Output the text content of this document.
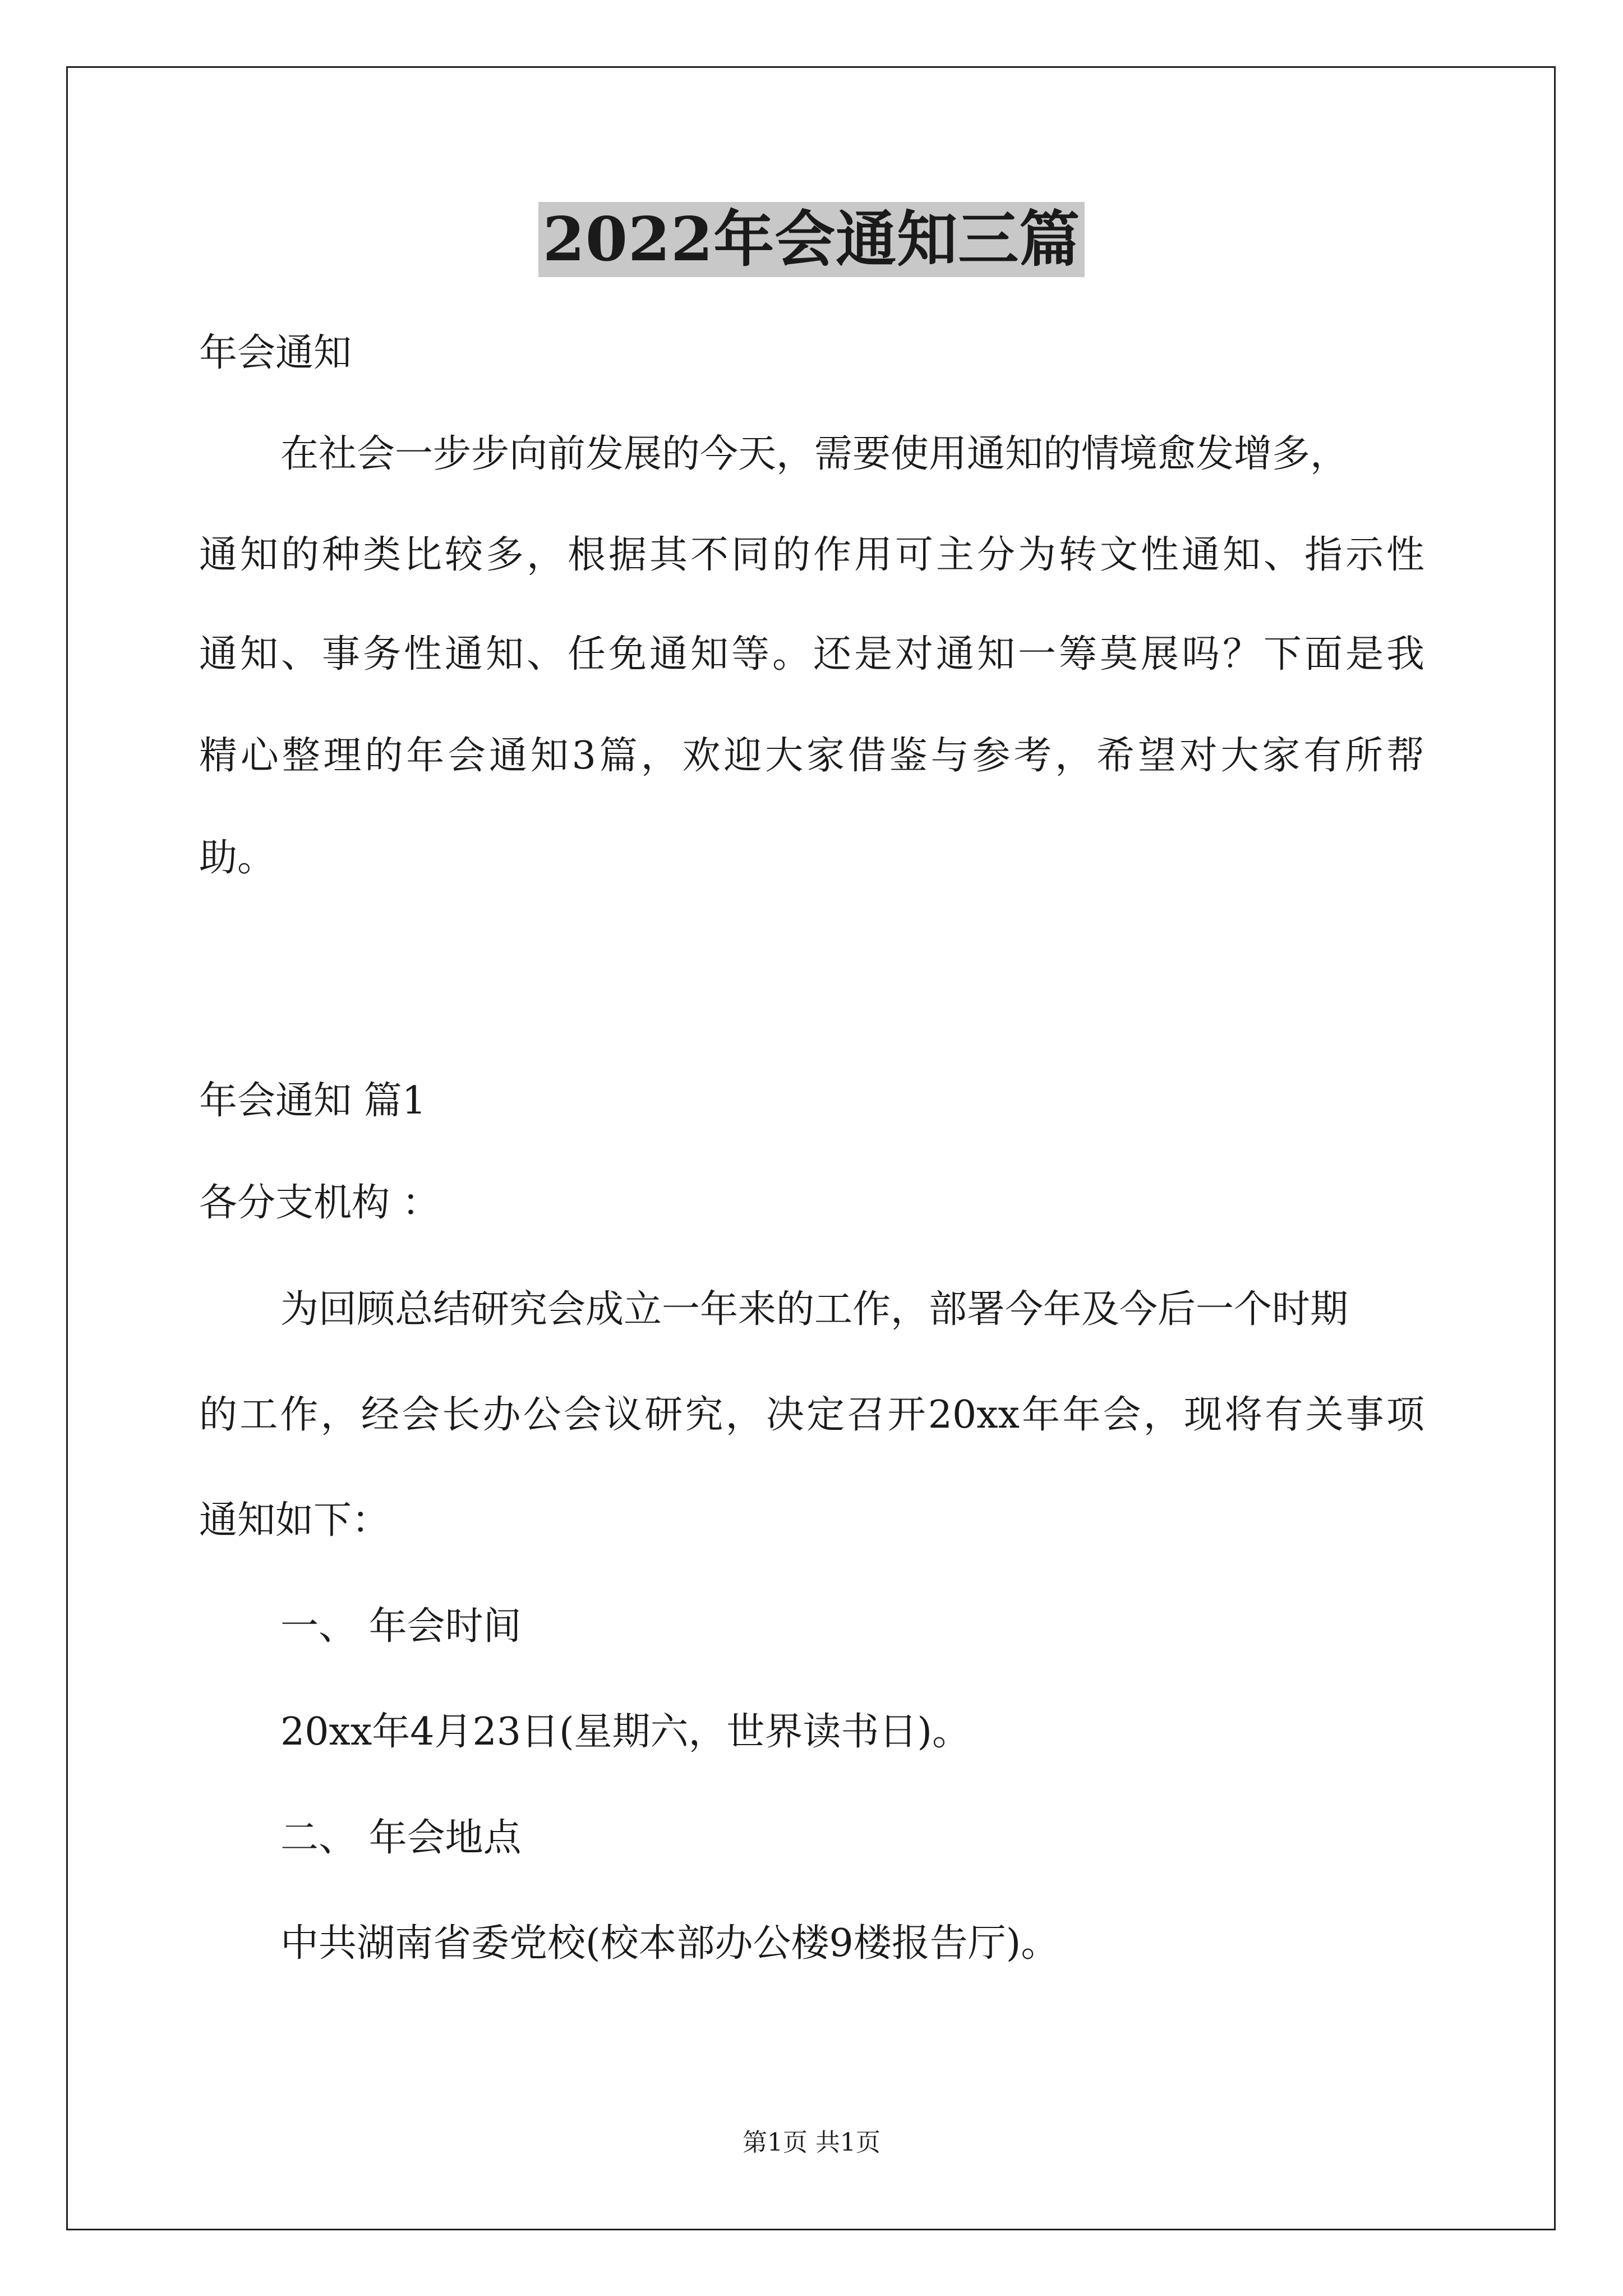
2022年会通知三篇
年会通知
在社会一步步向前发展的今天，需要使用通知的情境愈发增多，
通知的种类比较多，根据其不同的作用可主分为转文性通知、指示性
通知、事务性通知、任免通知等。还是对通知一筹莫展吗？下面是我
精心整理的年会通知3篇，欢迎大家借鉴与参考，希望对大家有所帮
助。
年会通知 篇1
各分支机构 ：
为回顾总结研究会成立一年来的工作，部署今年及今后一个时期
的工作，经会长办公会议研究，决定召开20xx年年会，现将有关事项
通知如下：
一、 年会时间
20xx年4月23日(星期六，世界读书日)。
二、 年会地点
中共湖南省委党校(校本部办公楼9楼报告厅)。
第1页 共1页
